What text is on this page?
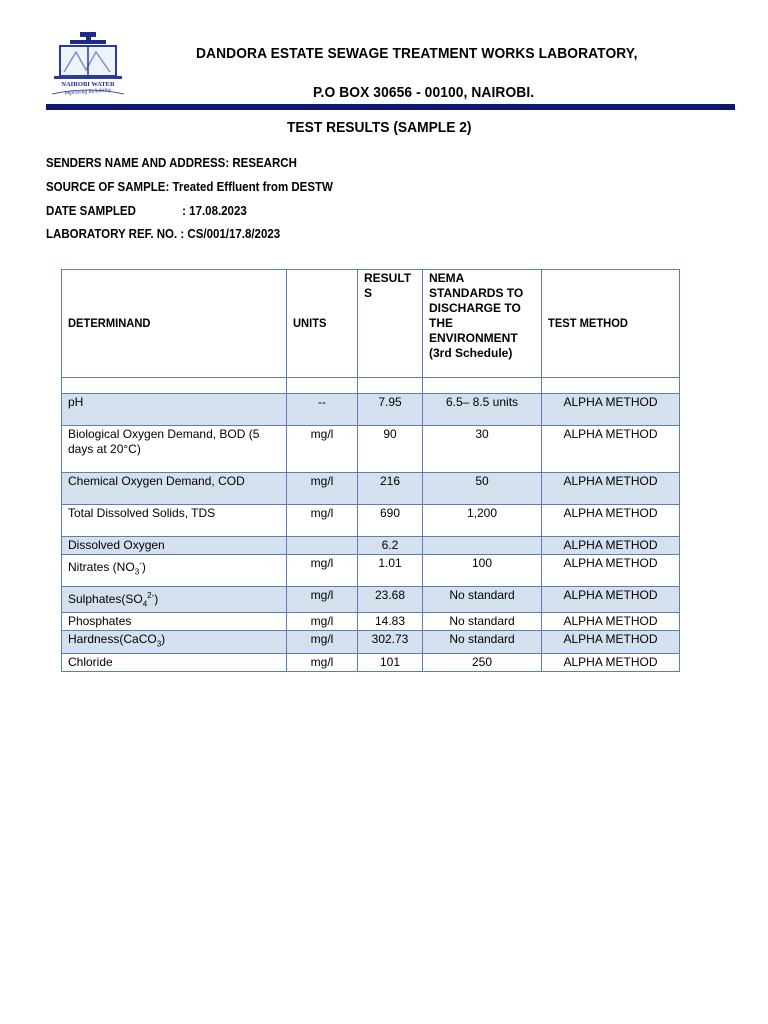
NAIROBI WATER
Improving Reliability
DANDORA ESTATE SEWAGE TREATMENT WORKS LABORATORY,
P.O BOX 30656 - 00100, NAIROBI.
TEST RESULTS (SAMPLE 2)
SENDERS NAME AND ADDRESS: RESEARCH
SOURCE OF SAMPLE: Treated Effluent from DESTW
DATE SAMPLED	: 17.08.2023
LABORATORY REF. NO. : CS/001/17.8/2023
DETERMINAND	UNITS	RESULT S	NEMA STANDARDS TO DISCHARGE TO THE ENVIRONMENT (3rd Schedule)	TEST METHOD

pH	--	7.95	6.5– 8.5 units	ALPHA METHOD
Biological Oxygen Demand, BOD (5 days at 20°C)	mg/l	90	30	ALPHA METHOD
Chemical Oxygen Demand, COD	mg/l	216	50	ALPHA METHOD
Total Dissolved Solids, TDS	mg/l	690	1,200	ALPHA METHOD
Dissolved Oxygen		6.2		ALPHA METHOD
Nitrates $(NO_3^-)$	mg/l	1.01	100	ALPHA METHOD
$Sulphates(SO_4^{2-})$	mg/l	23.68	No standard	ALPHA METHOD
Phosphates	mg/l	14.83	No standard	ALPHA METHOD
Hardness(CaCO$_3$)	mg/l	302.73	No standard	ALPHA METHOD
Chloride	mg/l	101	250	ALPHA METHOD
